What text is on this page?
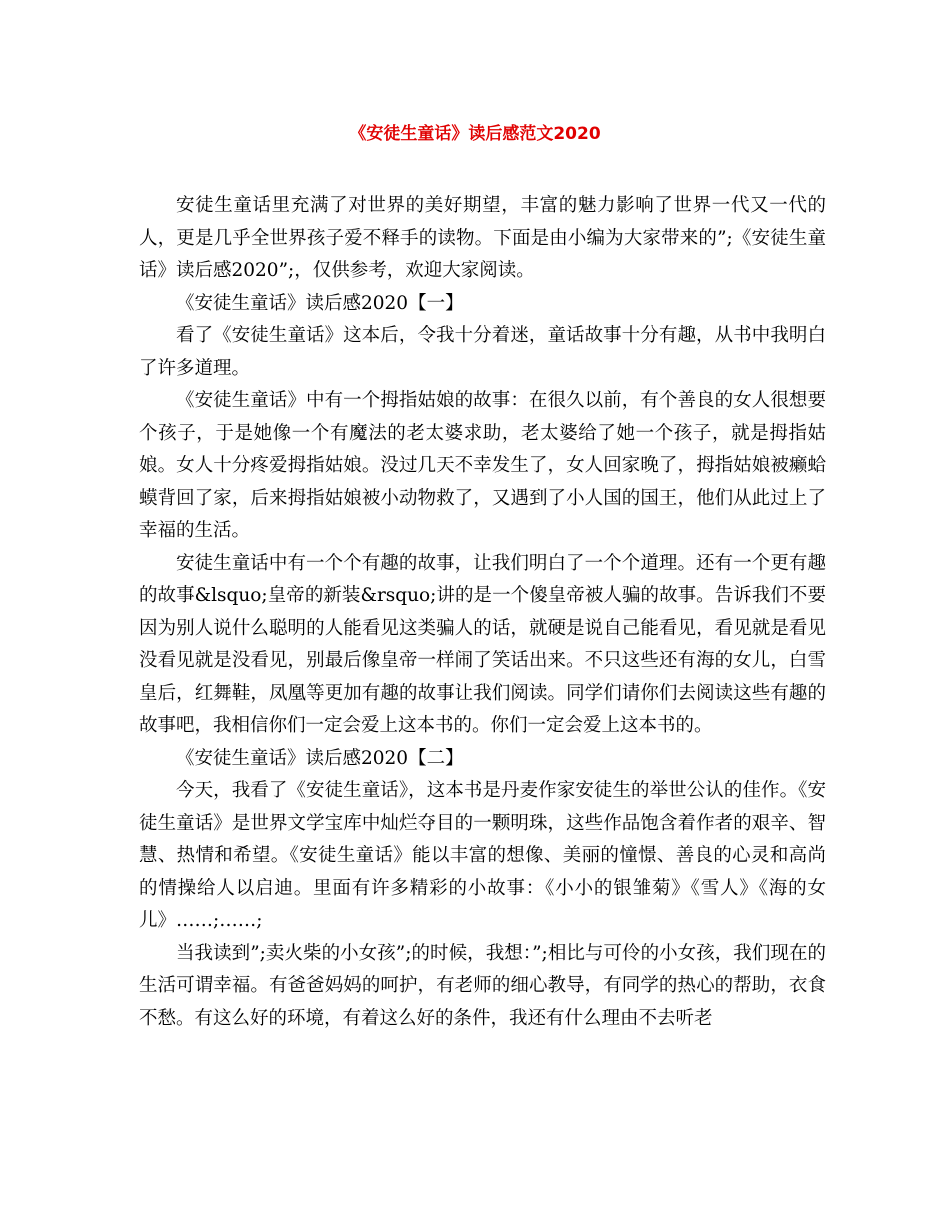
《安徒生童话》读后感范文2020

安徒生童话里充满了对世界的美好期望，丰富的魅力影响了世界一代又一代的人，更是几乎全世界孩子爱不释手的读物。下面是由小编为大家带来的”;《安徒生童话》读后感2020”;，仅供参考，欢迎大家阅读。

《安徒生童话》读后感2020【一】

看了《安徒生童话》这本后，令我十分着迷，童话故事十分有趣，从书中我明白了许多道理。

《安徒生童话》中有一个拇指姑娘的故事：在很久以前，有个善良的女人很想要个孩子，于是她像一个有魔法的老太婆求助，老太婆给了她一个孩子，就是拇指姑娘。女人十分疼爱拇指姑娘。没过几天不幸发生了，女人回家晚了，拇指姑娘被癞蛤蟆背回了家，后来拇指姑娘被小动物救了，又遇到了小人国的国王，他们从此过上了幸福的生活。

安徒生童话中有一个个有趣的故事，让我们明白了一个个道理。还有一个更有趣的故事&lsquo;皇帝的新装&rsquo;讲的是一个傻皇帝被人骗的故事。告诉我们不要因为别人说什么聪明的人能看见这类骗人的话，就硬是说自己能看见，看见就是看见没看见就是没看见，别最后像皇帝一样闹了笑话出来。不只这些还有海的女儿，白雪皇后，红舞鞋，凤凰等更加有趣的故事让我们阅读。同学们请你们去阅读这些有趣的故事吧，我相信你们一定会爱上这本书的。你们一定会爱上这本书的。

《安徒生童话》读后感2020【二】

今天，我看了《安徒生童话》，这本书是丹麦作家安徒生的举世公认的佳作。《安徒生童话》是世界文学宝库中灿烂夺目的一颗明珠，这些作品饱含着作者的艰辛、智慧、热情和希望。《安徒生童话》能以丰富的想像、美丽的憧憬、善良的心灵和高尚的情操给人以启迪。里面有许多精彩的小故事：《小小的银雏菊》《雪人》《海的女儿》……;……;

当我读到”;卖火柴的小女孩”;的时候，我想：”;相比与可伶的小女孩，我们现在的生活可谓幸福。有爸爸妈妈的呵护，有老师的细心教导，有同学的热心的帮助，衣食不愁。有这么好的环境，有着这么好的条件，我还有什么理由不去听老
